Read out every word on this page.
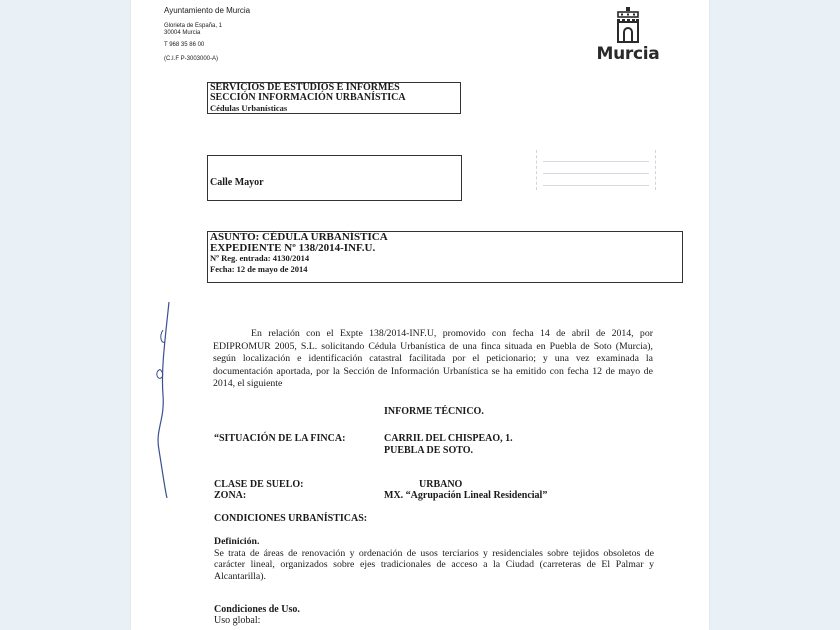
Ayuntamiento de Murcia
Glorieta de España, 1
30004 Murcia
T 968 35 86 00
(C.I.F P-3003000-A)	Murcia
SERVICIOS DE ESTUDIOS E INFORMES
SECCIÓN INFORMACIÓN URBANÍSTICA
Cédulas Urbanísticas
Calle Mayor
ASUNTO: CÉDULA URBANÍSTICA
EXPEDIENTE Nº 138/2014-INF.U.
Nº Reg. entrada: 4130/2014
Fecha: 12 de mayo de 2014

En relación con el Expte 138/2014-INF.U, promovido con fecha 14 de abril de 2014, por EDIPROMUR 2005, S.L. solicitando Cédula Urbanística de una finca situada en Puebla de Soto (Murcia), según localización e identificación catastral facilitada por el peticionario; y una vez examinada la documentación aportada, por la Sección de Información Urbanística se ha emitido con fecha 12 de mayo de 2014, el siguiente

INFORME TÉCNICO.
“SITUACIÓN DE LA FINCA:	CARRIL DEL CHISPEAO, 1.
PUEBLA DE SOTO.
CLASE DE SUELO:	URBANO
ZONA:	MX. “Agrupación Lineal Residencial”
CONDICIONES URBANÍSTICAS:
Definición.
Se trata de áreas de renovación y ordenación de usos terciarios y residenciales sobre tejidos obsoletos de carácter lineal, organizados sobre ejes tradicionales de acceso a la Ciudad (carreteras de El Palmar y Alcantarilla).
Condiciones de Uso.
Uso global:
